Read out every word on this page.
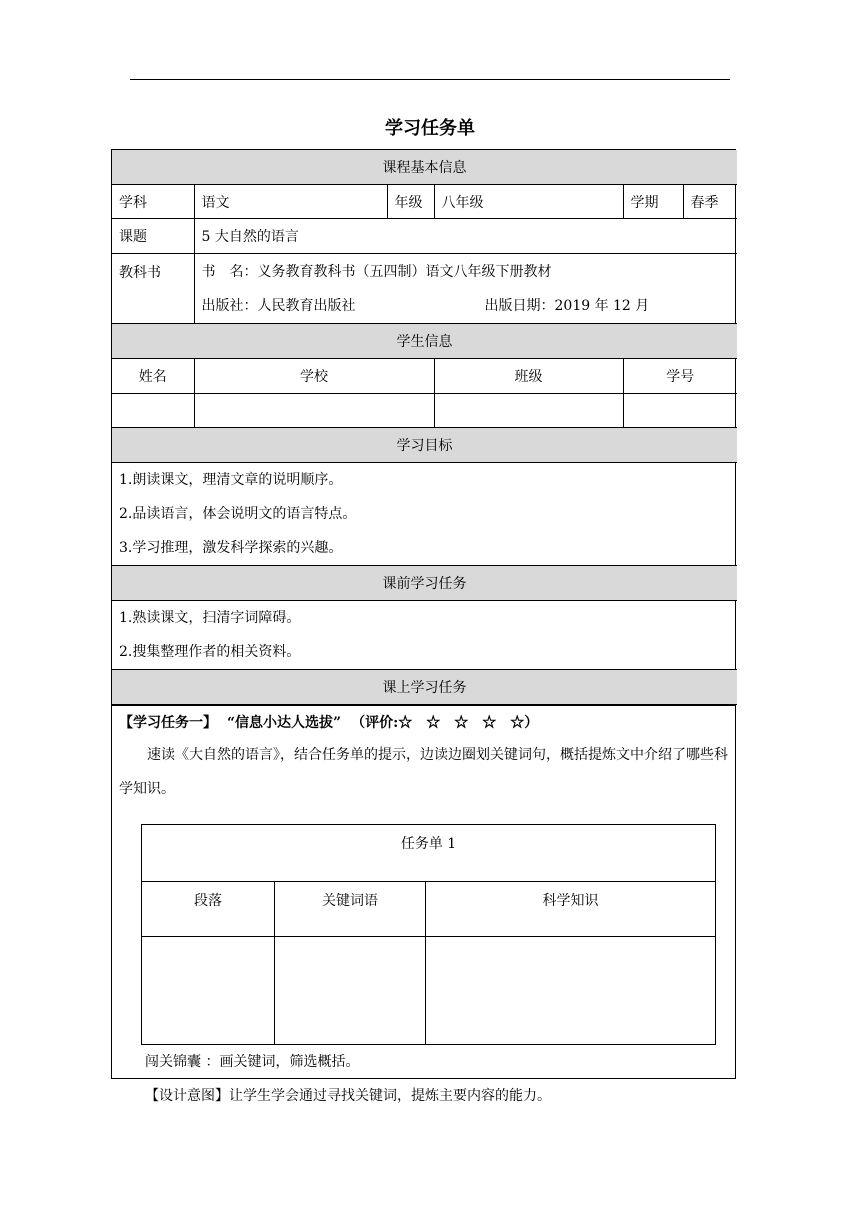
学习任务单
课程基本信息					
学科	语文	年级	八年级	学期	春季
课题	5 大自然的语言				
教科书	书　名：义务教育教科书（五四制）语文八年级下册教材
出版社：人民教育出版社 出版日期：2019 年 12 月				

学生信息					
姓名	学校		班级	学号	

学习目标					

1.朗读课文，理清文章的说明顺序。
2.品读语言，体会说明文的语言特点。
3.学习推理，激发科学探索的兴趣。					

课前学习任务					

1.熟读课文，扫清字词障碍。
2.搜集整理作者的相关资料。					

课上学习任务					
【学习任务一】 “信息小达人选拔” （评价:☆　☆　☆　☆　☆）
速读《大自然的语言》，结合任务单的提示，边读边圈划关键词句，概括提炼文中介绍了哪些科学知识。
任务单 1		
段落	关键词语	科学知识

闯关锦囊 ：画关键词，筛选概括。
【设计意图】让学生学会通过寻找关键词，提炼主要内容的能力。
